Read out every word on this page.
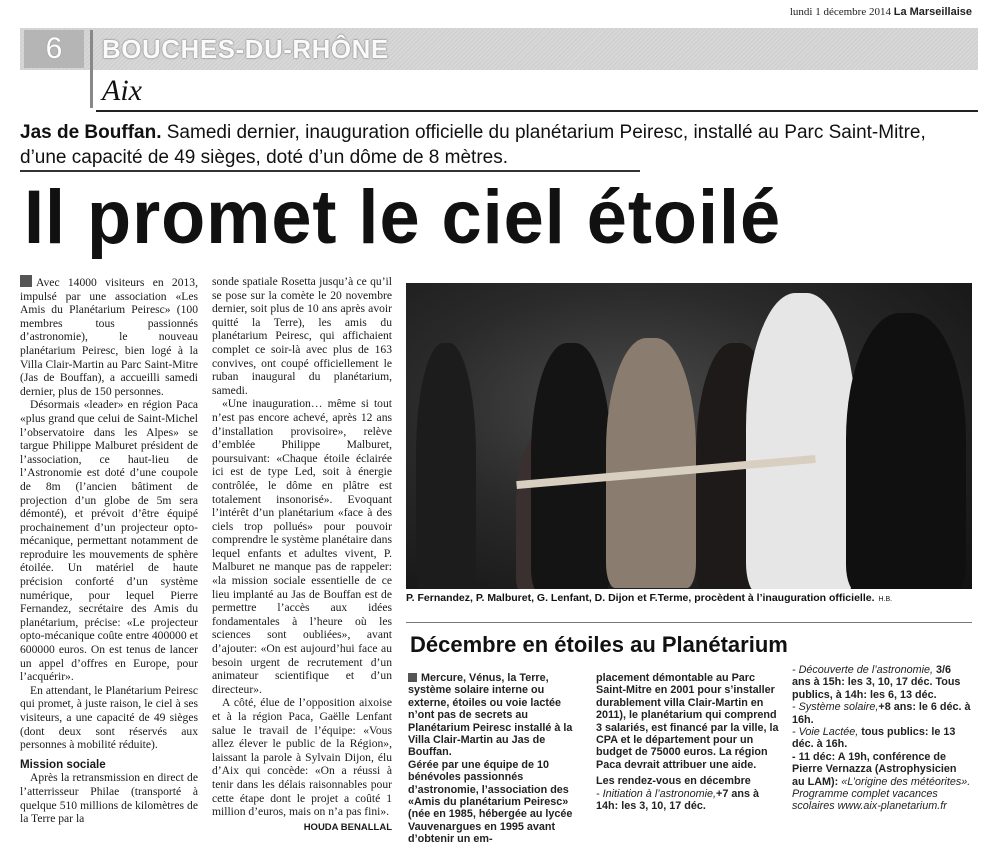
lundi 1 décembre 2014 La Marseillaise
6	BOUCHES-DU-RHÔNE
Aix
Jas de Bouffan. Samedi dernier, inauguration officielle du planétarium Peiresc, installé au Parc Saint-Mitre, d’une capacité de 49 sièges, doté d’un dôme de 8 mètres.
Il promet le ciel étoilé

Avec 14000 visiteurs en 2013, impulsé par une association «Les Amis du Planétarium Peiresc» (100 membres tous passionnés d’astronomie), le nouveau planétarium Peiresc, bien logé à la Villa Clair-Martin au Parc Saint-Mitre (Jas de Bouffan), a accueilli samedi dernier, plus de 150 personnes.

Désormais «leader» en région Paca «plus grand que celui de Saint-Michel l’observatoire dans les Alpes» se targue Philippe Malburet président de l’association, ce haut-lieu de l’Astronomie est doté d’une coupole de 8m (l’ancien bâtiment de projection d’un globe de 5m sera démonté), et prévoit d’être équipé prochainement d’un projecteur opto-mécanique, permettant notamment de reproduire les mouvements de sphère étoilée. Un matériel de haute précision conforté d’un système numérique, pour lequel Pierre Fernandez, secrétaire des Amis du planétarium, précise: «Le projecteur opto-mécanique coûte entre 400000 et 600000 euros. On est tenus de lancer un appel d’offres en Europe, pour l’acquérir».

En attendant, le Planétarium Peiresc qui promet, à juste raison, le ciel à ses visiteurs, a une capacité de 49 sièges (dont deux sont réservés aux personnes à mobilité réduite).

Mission sociale

Après la retransmission en direct de l’atterrisseur Philae (transporté à quelque 510 millions de kilomètres de la Terre par la

sonde spatiale Rosetta jusqu’à ce qu’il se pose sur la comète le 20 novembre dernier, soit plus de 10 ans après avoir quitté la Terre), les amis du planétarium Peiresc, qui affichaient complet ce soir-là avec plus de 163 convives, ont coupé officiellement le ruban inaugural du planétarium, samedi.

«Une inauguration… même si tout n’est pas encore achevé, après 12 ans d’installation provisoire», relève d’emblée Philippe Malburet, poursuivant: «Chaque étoile éclairée ici est de type Led, soit à énergie contrôlée, le dôme en plâtre est totalement insonorisé». Evoquant l’intérêt d’un planétarium «face à des ciels trop pollués» pour pouvoir comprendre le système planétaire dans lequel enfants et adultes vivent, P. Malburet ne manque pas de rappeler: «la mission sociale essentielle de ce lieu implanté au Jas de Bouffan est de permettre l’accès aux idées fondamentales à l’heure où les sciences sont oubliées», avant d’ajouter: «On est aujourd’hui face au besoin urgent de recrutement d’un animateur scientifique et d’un directeur».

A côté, élue de l’opposition aixoise et à la région Paca, Gaëlle Lenfant salue le travail de l’équipe: «Vous allez élever le public de la Région», laissant la parole à Sylvain Dijon, élu d’Aix qui concède: «On a réussi à tenir dans les délais raisonnables pour cette étape dont le projet a coûté 1 million d’euros, mais on n’a pas fini».

HOUDA BENALLAL
P. Fernandez, P. Malburet, G. Lenfant, D. Dijon et F.Terme, procèdent à l’inauguration officielle. H.B.
Décembre en étoiles au Planétarium

Mercure, Vénus, la Terre, système solaire interne ou externe, étoiles ou voie lactée n’ont pas de secrets au Planétarium Peiresc installé à la Villa Clair-Martin au Jas de Bouffan.

Gérée par une équipe de 10 bénévoles passionnés d’astronomie, l’association des «Amis du planétarium Peiresc» (née en 1985, hébergée au lycée Vauvenargues en 1995 avant d’obtenir un em-

placement démontable au Parc Saint-Mitre en 2001 pour s’installer durablement villa Clair-Martin en 2011), le planétarium qui comprend 3 salariés, est financé par la ville, la CPA et le département pour un budget de 75000 euros. La région Paca devrait attribuer une aide.

Les rendez-vous en décembre

- Initiation à l’astronomie,+7 ans à 14h: les 3, 10, 17 déc.

- Découverte de l’astronomie, 3/6 ans à 15h: les 3, 10, 17 déc. Tous publics, à 14h: les 6, 13 déc.

- Système solaire,+8 ans: le 6 déc. à 16h.

- Voie Lactée, tous publics: le 13 déc. à 16h.

- 11 déc: A 19h, conférence de Pierre Vernazza (Astrophysicien au LAM): «L’origine des météorites».

Programme complet vacances scolaires www.aix-planetarium.fr
